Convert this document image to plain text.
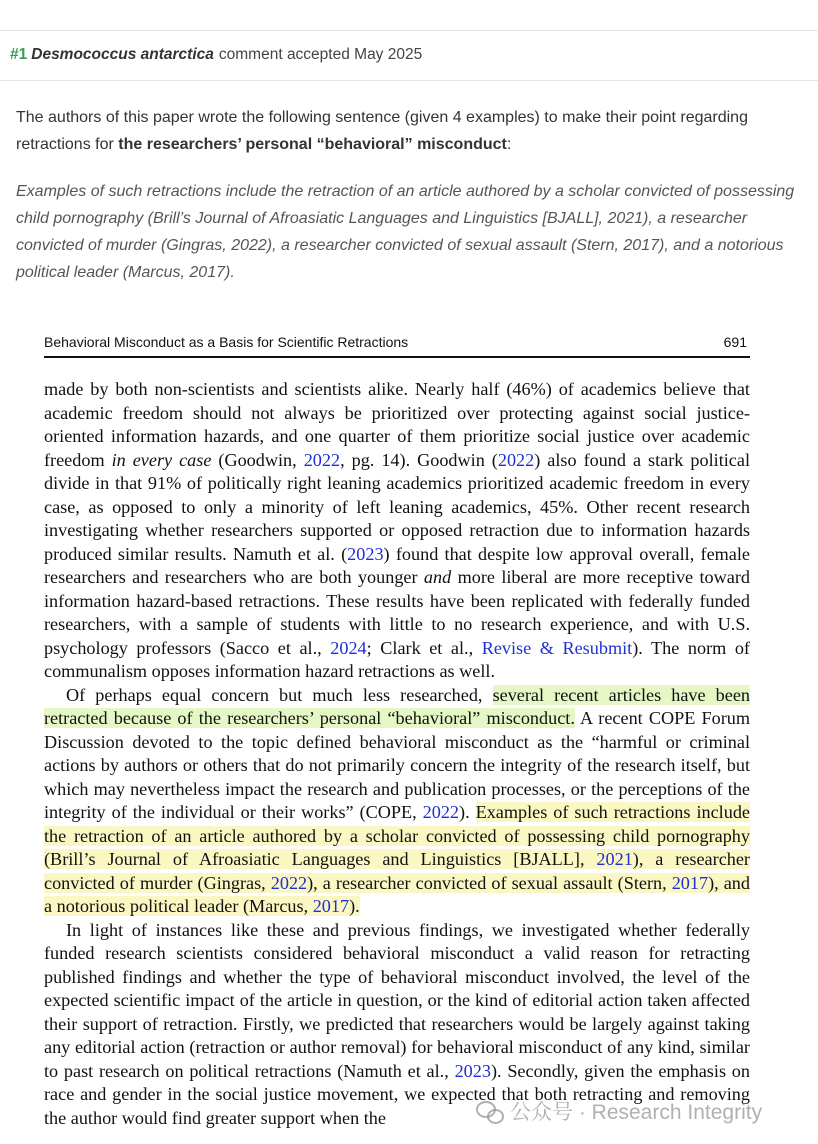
#1 Desmococcus antarctica comment accepted May 2025

The authors of this paper wrote the following sentence (given 4 examples) to make their point regarding retractions for the researchers’ personal “behavioral” misconduct:

Examples of such retractions include the retraction of an article authored by a scholar convicted of possessing child pornography (Brill’s Journal of Afroasiatic Languages and Linguistics [BJALL], 2021), a researcher convicted of murder (Gingras, 2022), a researcher convicted of sexual assault (Stern, 2017), and a notorious political leader (Marcus, 2017).

Behavioral Misconduct as a Basis for Scientific Retractions	691

made by both non-scientists and scientists alike. Nearly half (46%) of academics believe that academic freedom should not always be prioritized over protecting against social justice-oriented information hazards, and one quarter of them prioritize social justice over academic freedom in every case (Goodwin, 2022, pg. 14). Goodwin (2022) also found a stark political divide in that 91% of politically right leaning academics prioritized academic freedom in every case, as opposed to only a minority of left leaning academics, 45%. Other recent research investigating whether researchers supported or opposed retraction due to information hazards produced similar results. Namuth et al. (2023) found that despite low approval overall, female researchers and researchers who are both younger and more liberal are more receptive toward information hazard-based retractions. These results have been replicated with federally funded researchers, with a sample of students with little to no research experience, and with U.S. psychology professors (Sacco et al., 2024; Clark et al., Revise & Resubmit). The norm of communalism opposes information hazard retractions as well.

Of perhaps equal concern but much less researched, several recent articles have been retracted because of the researchers’ personal “behavioral” misconduct. A recent COPE Forum Discussion devoted to the topic defined behavioral misconduct as the “harmful or criminal actions by authors or others that do not primarily concern the integrity of the research itself, but which may nevertheless impact the research and publication processes, or the perceptions of the integrity of the individual or their works” (COPE, 2022). Examples of such retractions include the retraction of an article authored by a scholar convicted of possessing child pornography (Brill’s Journal of Afroasiatic Languages and Linguistics [BJALL], 2021), a researcher convicted of murder (Gingras, 2022), a researcher convicted of sexual assault (Stern, 2017), and a notorious political leader (Marcus, 2017).

In light of instances like these and previous findings, we investigated whether federally funded research scientists considered behavioral misconduct a valid reason for retracting published findings and whether the type of behavioral misconduct involved, the level of the expected scientific impact of the article in question, or the kind of editorial action taken affected their support of retraction. Firstly, we predicted that researchers would be largely against taking any editorial action (retraction or author removal) for behavioral misconduct of any kind, similar to past research on political retractions (Namuth et al., 2023). Secondly, given the emphasis on race and gender in the social justice movement, we expected that both retracting and removing the author would find greater support when the	公众号 · Research Integrity
